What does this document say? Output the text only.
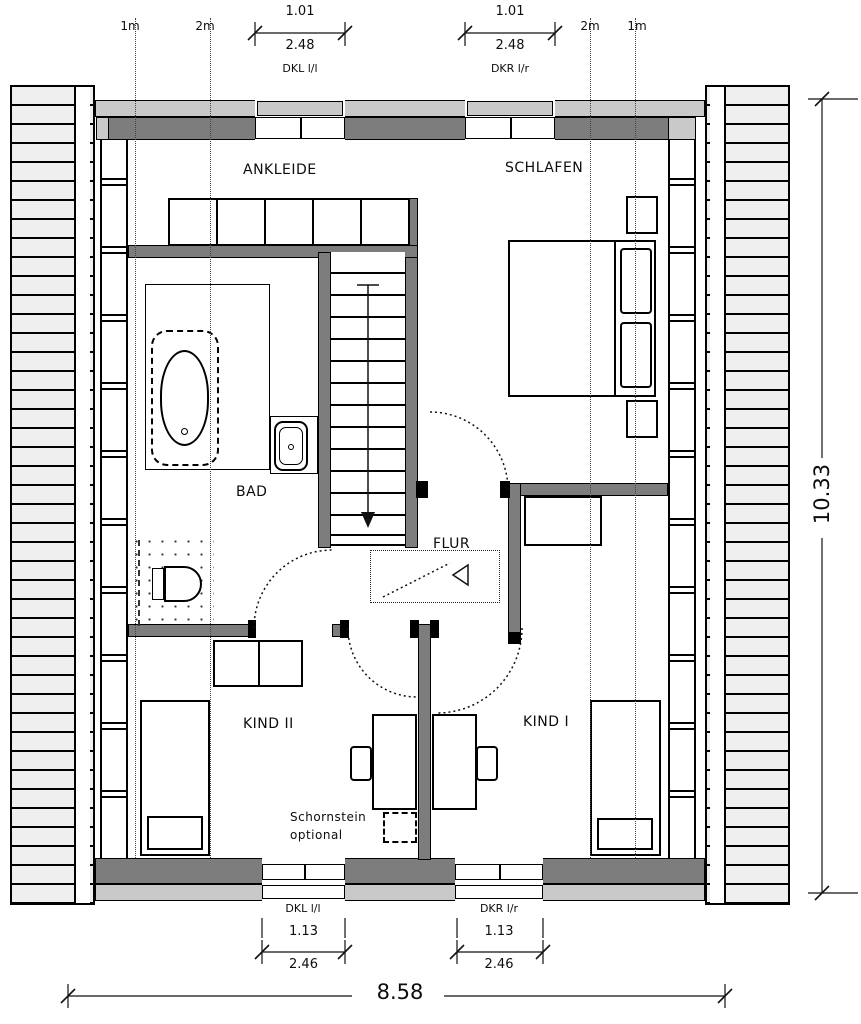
ANKLEIDE	SCHLAFEN
BAD
FLUR
KIND II	KIND I
Schornstein
optional
1m	2m	2m	1m
1.01
2.48
DKL l/l
1.01
2.48
DKR l/r
DKL l/l
1.13
2.46
DKR l/r
1.13
2.46
8.58
10.33
